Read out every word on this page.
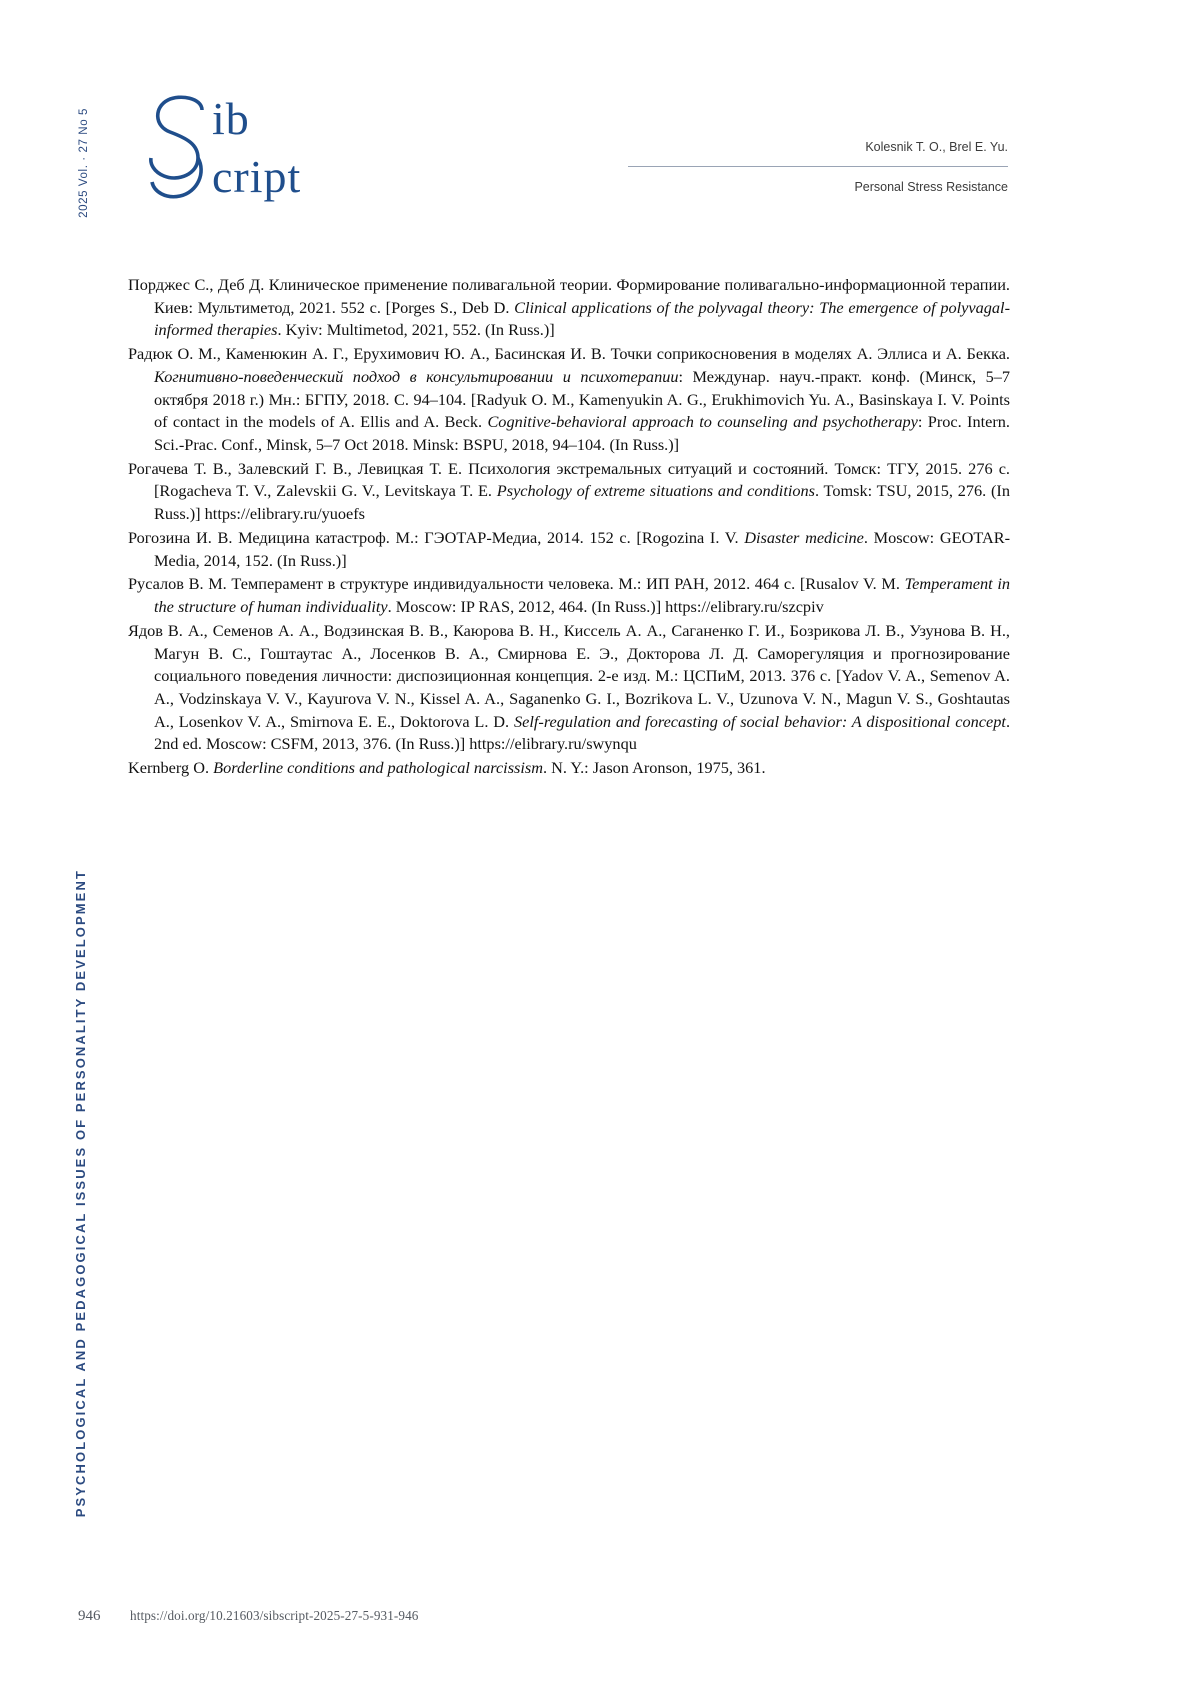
2025 Vol. · 27 No 5
PSYCHOLOGICAL AND PEDAGOGICAL ISSUES OF PERSONALITY DEVELOPMENT
ib
cript
Kolesnik T. O., Brel E. Yu.
Personal Stress Resistance
Порджес С., Деб Д. Клиническое применение поливагальной теории. Формирование поливагально-информационной терапии. Киев: Мультиметод, 2021. 552 с. [Porges S., Deb D. Clinical applications of the polyvagal theory: The emergence of polyvagal-informed therapies. Kyiv: Multimetod, 2021, 552. (In Russ.)]
Радюк О. М., Каменюкин А. Г., Ерухимович Ю. А., Басинская И. В. Точки соприкосновения в моделях А. Эллиса и А. Бекка. Когнитивно-поведенческий подход в консультировании и психотерапии: Междунар. науч.-практ. конф. (Минск, 5–7 октября 2018 г.) Мн.: БГПУ, 2018. С. 94–104. [Radyuk O. M., Kamenyukin A. G., Erukhimovich Yu. A., Basinskaya I. V. Points of contact in the models of A. Ellis and A. Beck. Cognitive-behavioral approach to counseling and psychotherapy: Proc. Intern. Sci.-Prac. Conf., Minsk, 5–7 Oct 2018. Minsk: BSPU, 2018, 94–104. (In Russ.)]
Рогачева Т. В., Залевский Г. В., Левицкая Т. Е. Психология экстремальных ситуаций и состояний. Томск: ТГУ, 2015. 276 с. [Rogacheva T. V., Zalevskii G. V., Levitskaya T. E. Psychology of extreme situations and conditions. Tomsk: TSU, 2015, 276. (In Russ.)] https://elibrary.ru/yuoefs
Рогозина И. В. Медицина катастроф. М.: ГЭОТАР-Медиа, 2014. 152 с. [Rogozina I. V. Disaster medicine. Moscow: GEOTAR-Media, 2014, 152. (In Russ.)]
Русалов В. М. Темперамент в структуре индивидуальности человека. М.: ИП РАН, 2012. 464 с. [Rusalov V. M. Temperament in the structure of human individuality. Moscow: IP RAS, 2012, 464. (In Russ.)] https://elibrary.ru/szcpiv
Ядов В. А., Семенов А. А., Водзинская В. В., Каюрова В. Н., Киссель А. А., Саганенко Г. И., Бозрикова Л. В., Узунова В. Н., Магун В. С., Гоштаутас А., Лосенков В. А., Смирнова Е. Э., Докторова Л. Д. Саморегуляция и прогнозирование социального поведения личности: диспозиционная концепция. 2-е изд. М.: ЦСПиМ, 2013. 376 с. [Yadov V. A., Semenov A. A., Vodzinskaya V. V., Kayurova V. N., Kissel A. A., Saganenko G. I., Bozrikova L. V., Uzunova V. N., Magun V. S., Goshtautas A., Losenkov V. A., Smirnova E. E., Doktorova L. D. Self-regulation and forecasting of social behavior: A dispositional concept. 2nd ed. Moscow: CSFM, 2013, 376. (In Russ.)] https://elibrary.ru/swynqu
Kernberg O. Borderline conditions and pathological narcissism. N. Y.: Jason Aronson, 1975, 361.
946 https://doi.org/10.21603/sibscript-2025-27-5-931-946
